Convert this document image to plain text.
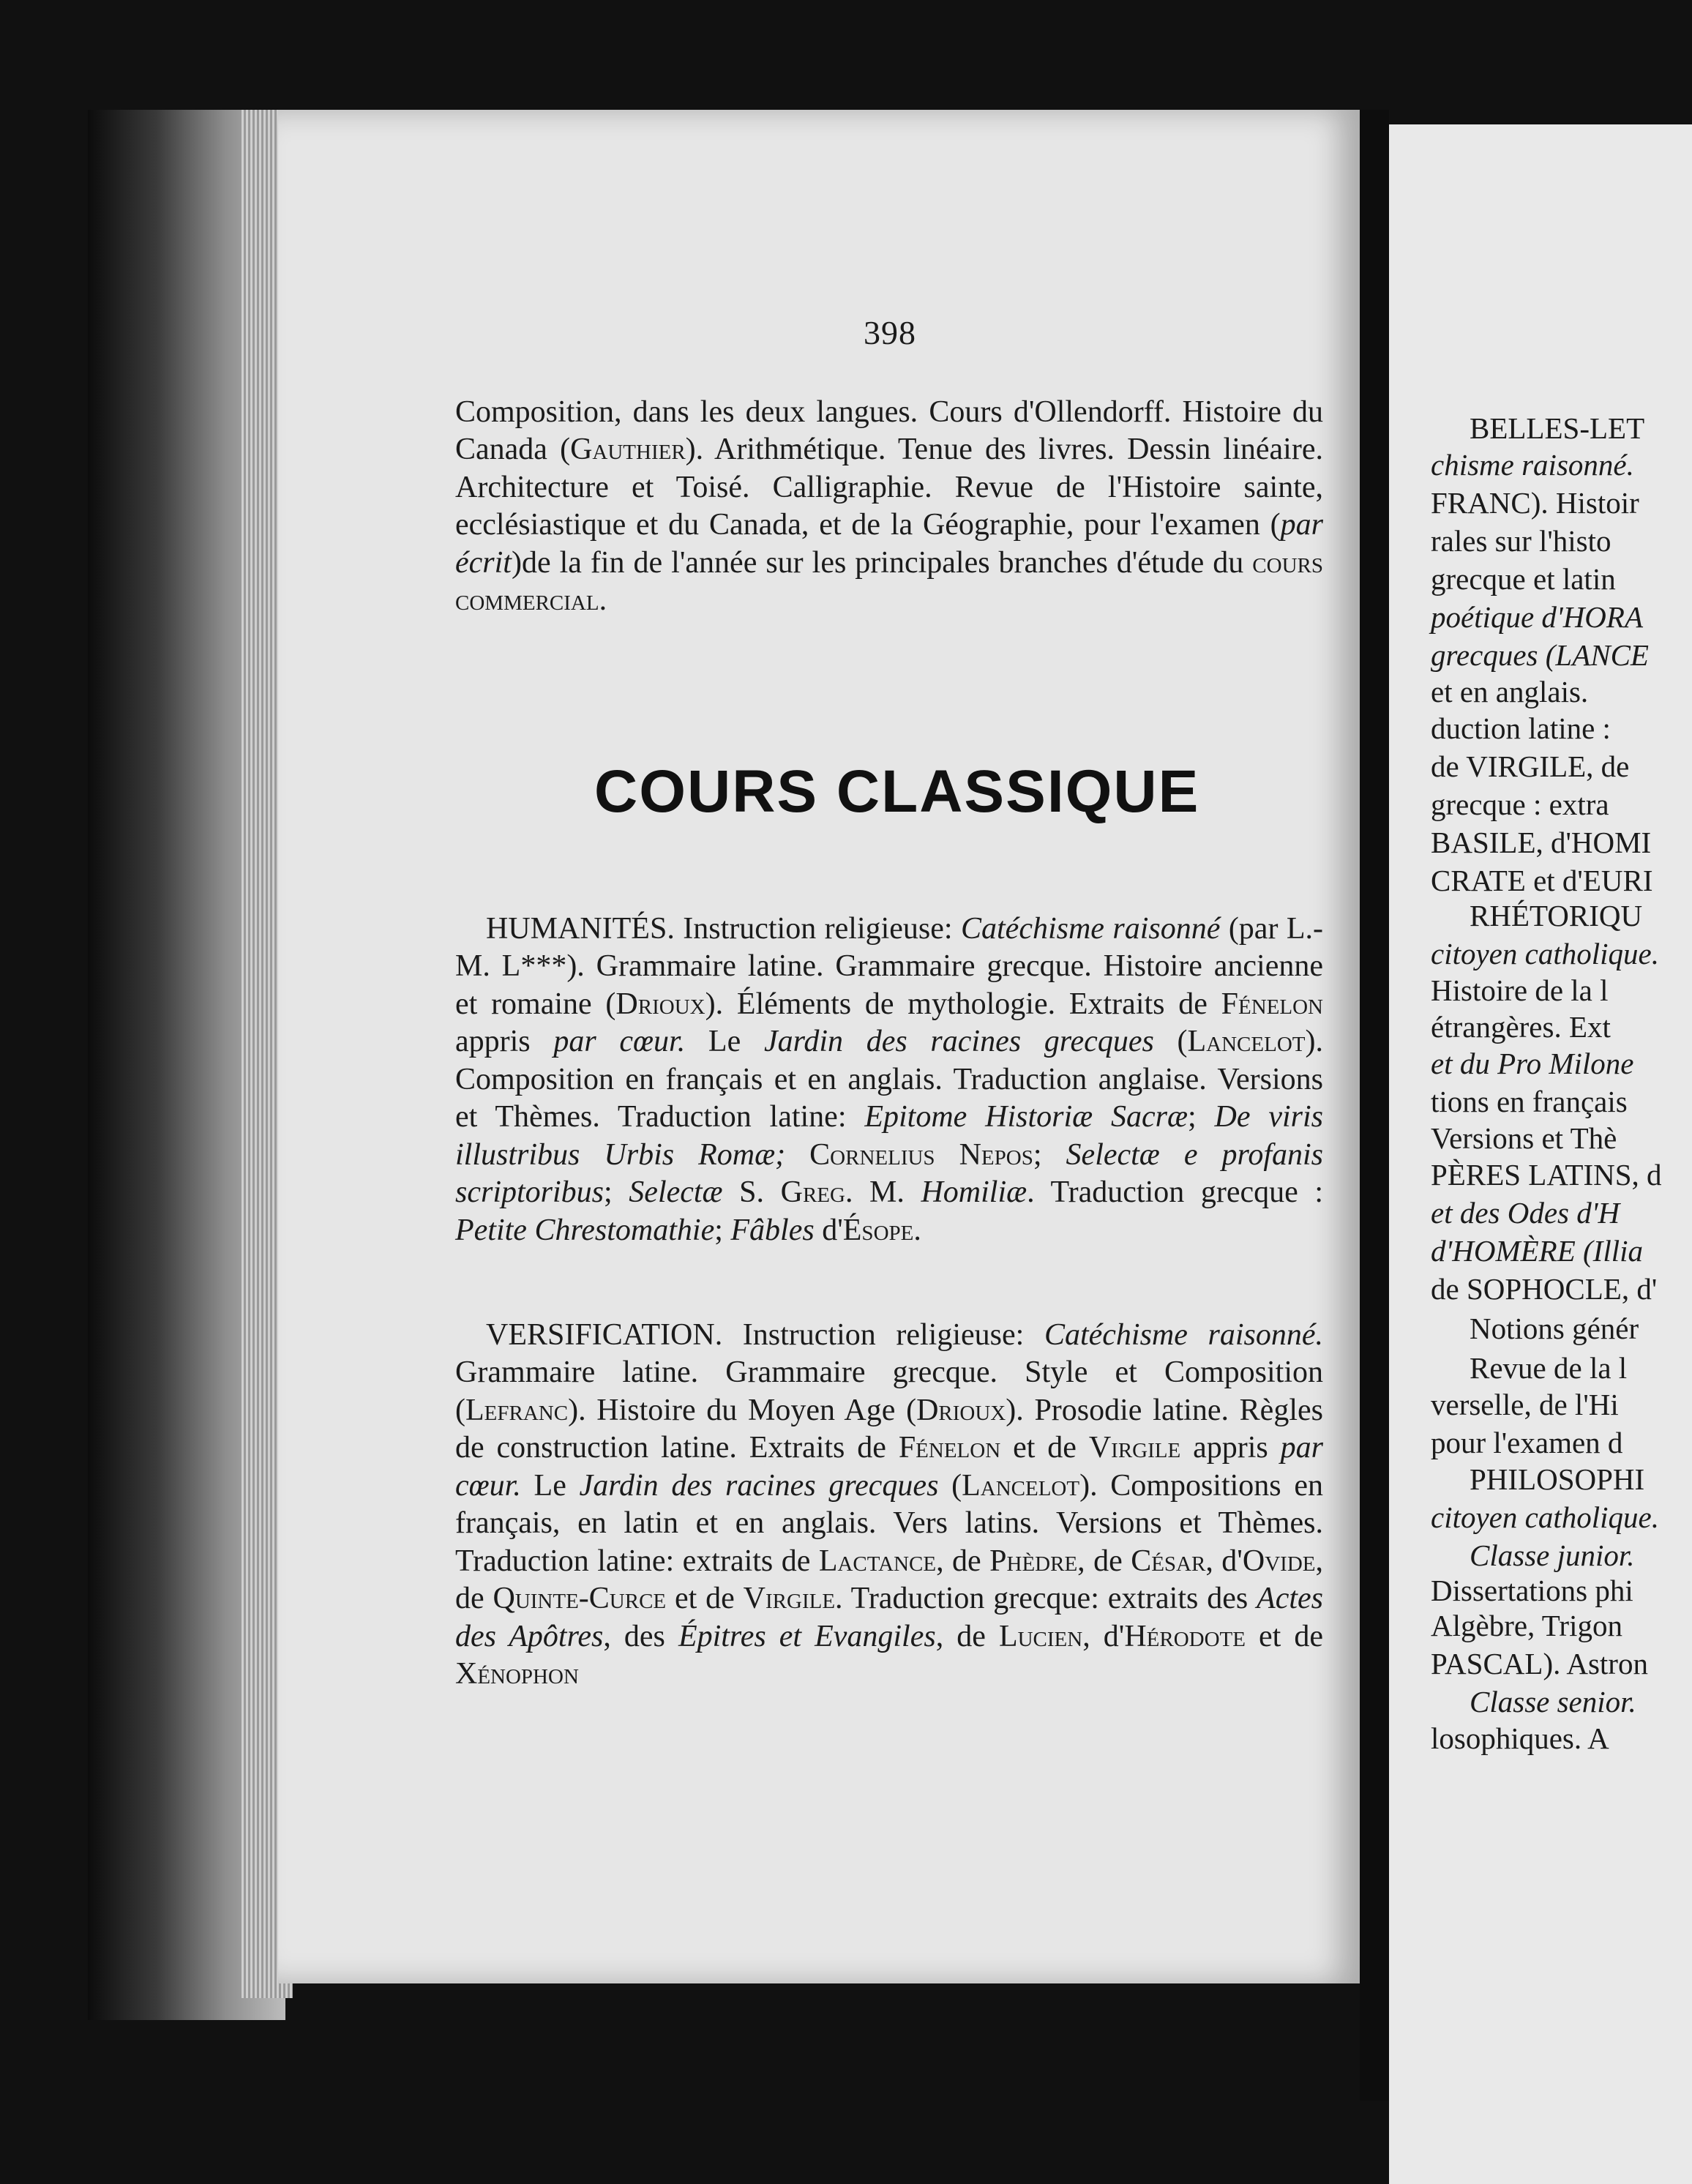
398

Composition, dans les deux langues. Cours d'Ollendorff. Histoire du Canada (Gauthier). Arithmétique. Tenue des livres. Dessin linéaire. Architecture et Toisé. Calligraphie. Revue de l'Histoire sainte, ecclésiastique et du Canada, et de la Géographie, pour l'examen (par écrit)de la fin de l'année sur les principales branches d'étude du cours commercial.

COURS CLASSIQUE

HUMANITÉS. Instruction religieuse: Catéchisme raisonné (par L.-M. L***). Grammaire latine. Grammaire grecque. Histoire ancienne et romaine (Drioux). Éléments de mythologie. Extraits de Fénelon appris par cœur. Le Jardin des racines grecques (Lancelot). Composition en français et en anglais. Traduction anglaise. Versions et Thèmes. Traduction latine: Epitome Historiæ Sacræ; De viris illustribus Urbis Romæ; Cornelius Nepos; Selectæ e profanis scriptoribus; Selectæ S. Greg. M. Homiliæ. Traduction grecque : Petite Chrestomathie; Fâbles d'Ésope.

VERSIFICATION. Instruction religieuse: Catéchisme raisonné. Grammaire latine. Grammaire grecque. Style et Composition (Lefranc). Histoire du Moyen Age (Drioux). Prosodie latine. Règles de construction latine. Extraits de Fénelon et de Virgile appris par cœur. Le Jardin des racines grecques (Lancelot). Compositions en français, en latin et en anglais. Vers latins. Versions et Thèmes. Traduction latine: extraits de Lactance, de Phèdre, de César, d'Ovide, de Quinte-Curce et de Virgile. Traduction grecque: extraits des Actes des Apôtres, des Épitres et Evangiles, de Lucien, d'Hérodote et de Xénophon

BELLES-LET
chisme raisonné.
FRANC). Histoir
rales sur l'histo
grecque et latin
poétique d'HORA
grecques (LANCE
et en anglais.
duction latine :
de VIRGILE, de
grecque : extra
BASILE, d'HOMI
CRATE et d'EURI
RHÉTORIQU
citoyen catholique.
Histoire de la l
étrangères. Ext
et du Pro Milone
tions en français
Versions et Thè
PÈRES LATINS, d
et des Odes d'H
d'HOMÈRE (Illia
de SOPHOCLE, d'
Notions génér
Revue de la l
verselle, de l'Hi
pour l'examen d
PHILOSOPHI
citoyen catholique.
Classe junior.
Dissertations phi
Algèbre, Trigon
PASCAL). Astron
Classe senior.
losophiques. A
